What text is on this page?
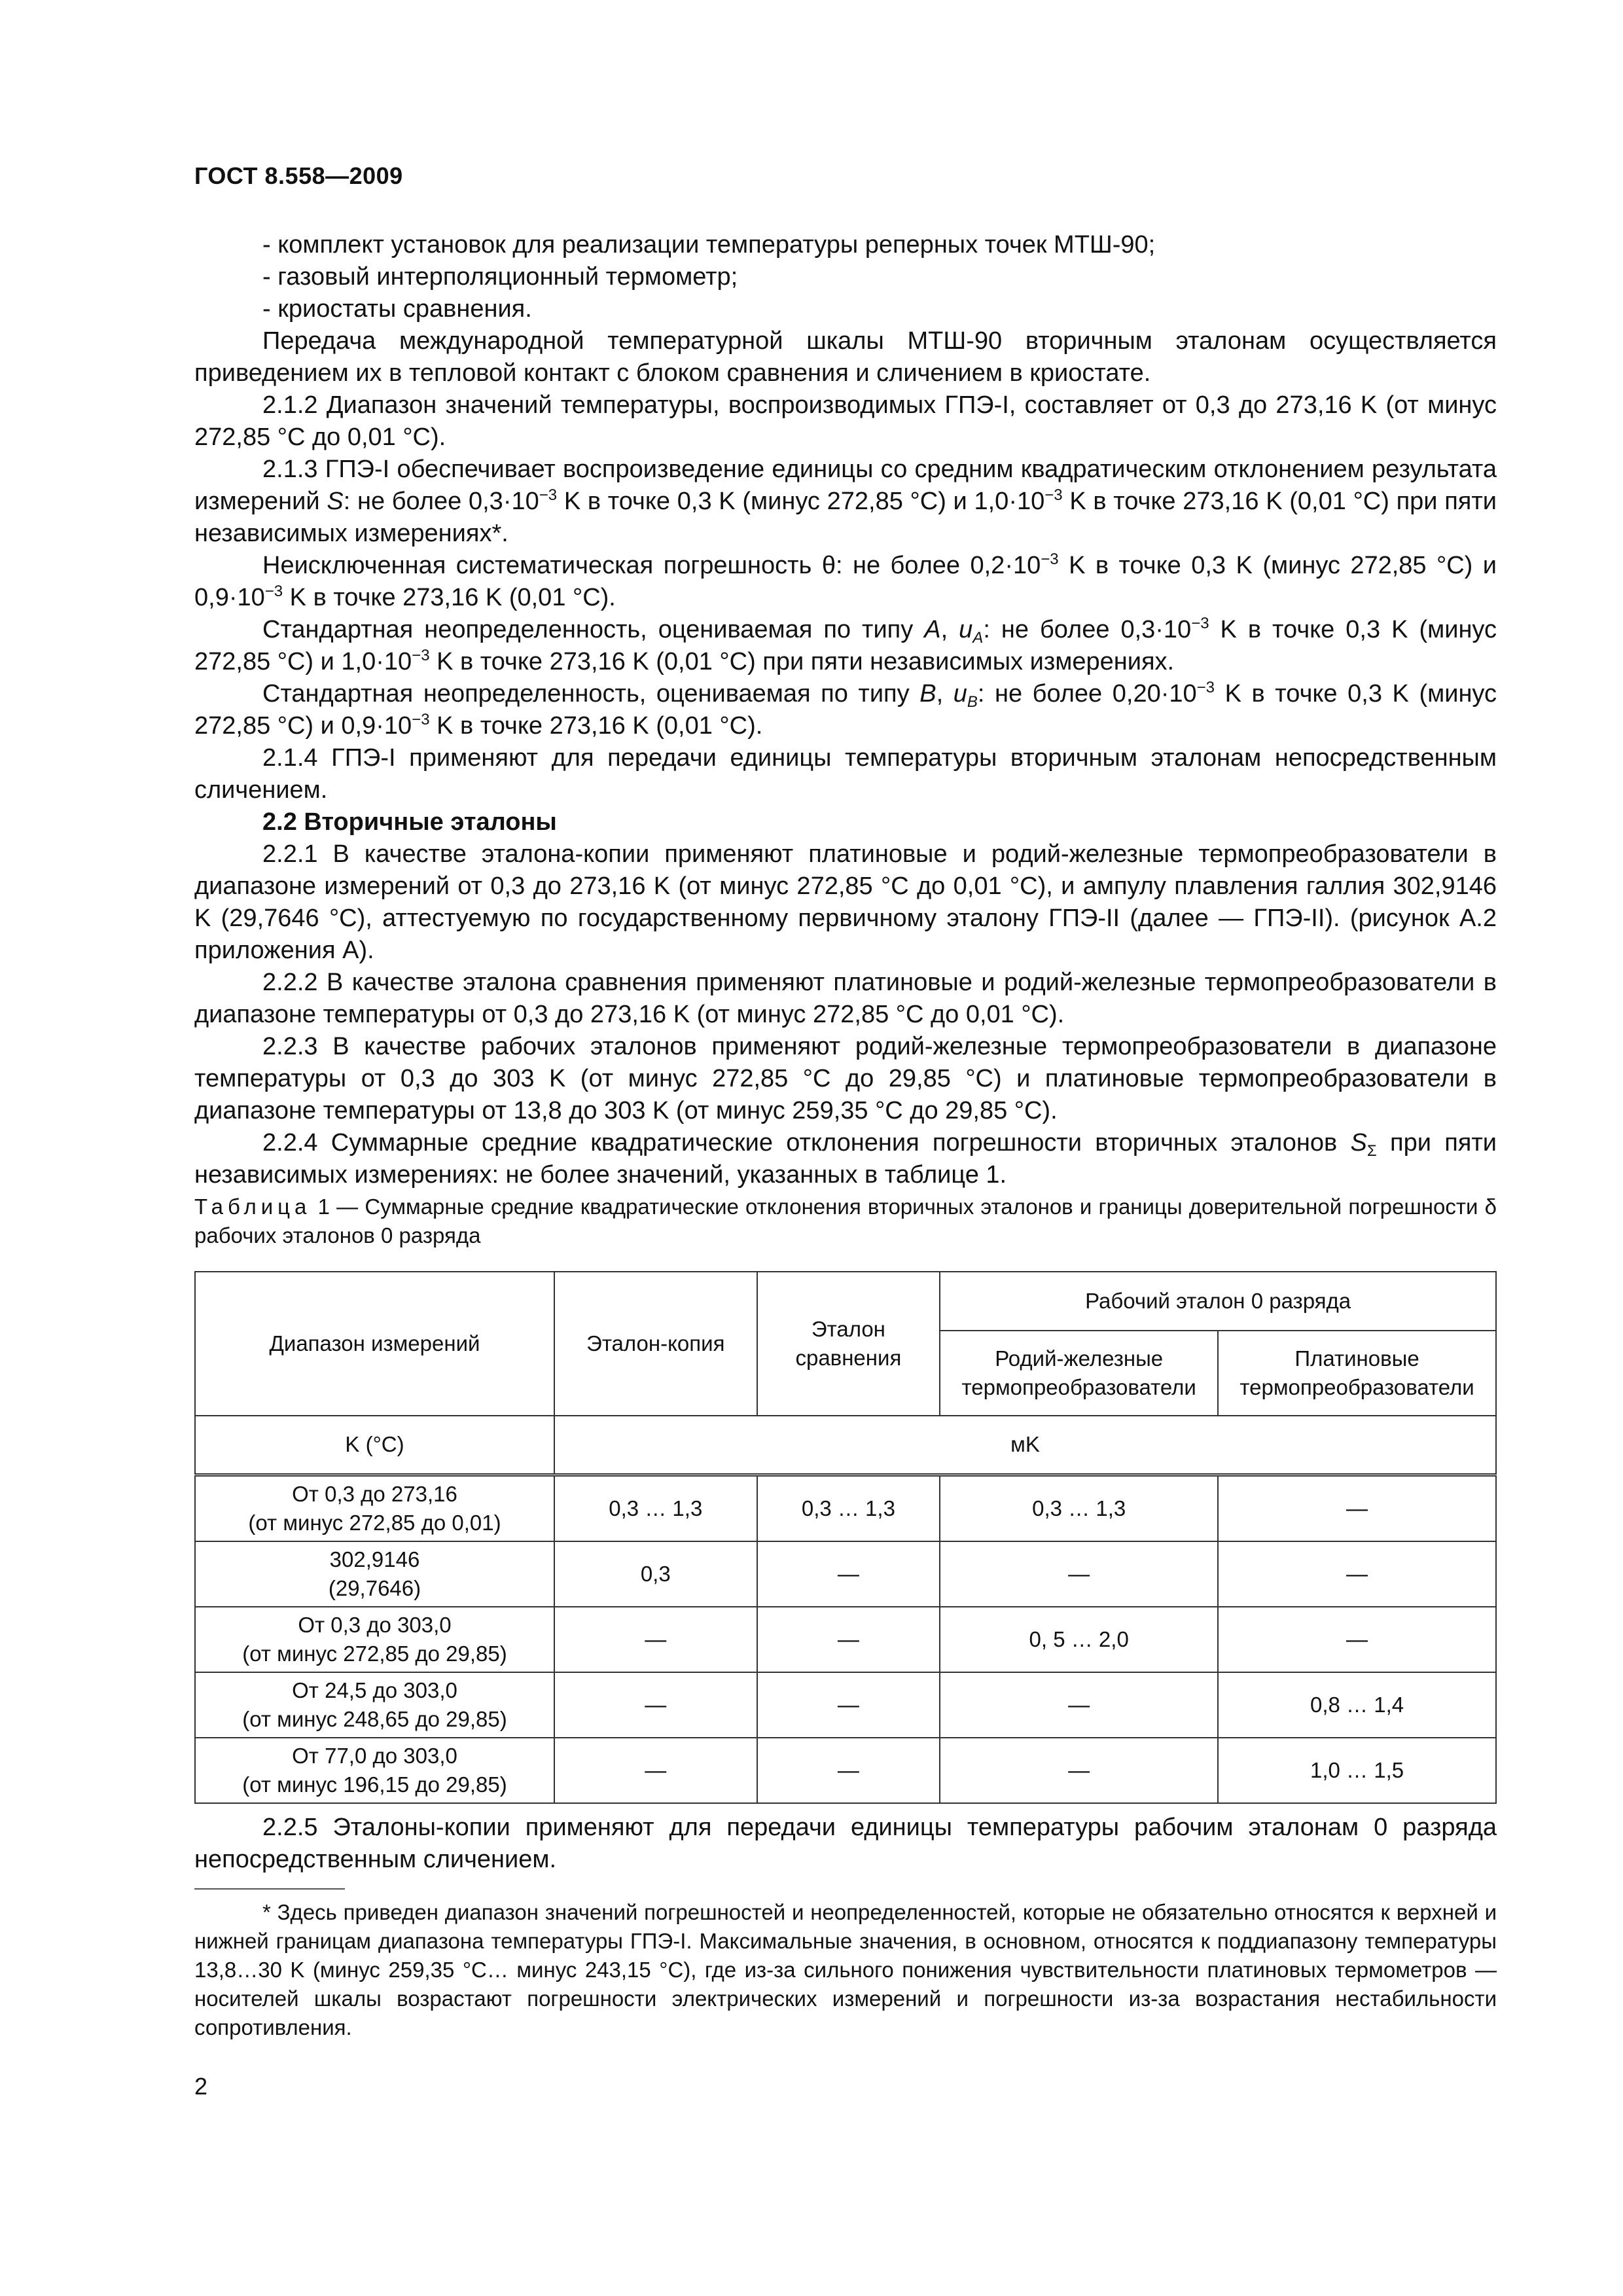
ГОСТ 8.558—2009

- комплект установок для реализации температуры реперных точек МТШ-90;

- газовый интерполяционный термометр;

- криостаты сравнения.

Передача международной температурной шкалы МТШ-90 вторичным эталонам осуществляется приведением их в тепловой контакт с блоком сравнения и сличением в криостате.

2.1.2 Диапазон значений температуры, воспроизводимых ГПЭ-I, составляет от 0,3 до 273,16 K (от минус 272,85 °С до 0,01 °С).

2.1.3 ГПЭ-I обеспечивает воспроизведение единицы со средним квадратическим отклонением результата измерений S: не более $0,3\cdot 10^{-3}$ K в точке 0,3 K (минус 272,85 °С) и $1,0\cdot 10^{-3}$ K в точке 273,16 K (0,01 °С) при пяти независимых измерениях*.

Неисключенная систематическая погрешность θ: не более $0,2\cdot 10^{-3}$ K в точке 0,3 K (минус 272,85 °С) и $0,9\cdot 10^{-3}$ K в точке 273,16 K (0,01 °С).

Стандартная неопределенность, оцениваемая по типу A, $u_A$: не более $0,3\cdot 10^{-3}$ K в точке 0,3 K (минус 272,85 °С) и $1,0\cdot 10^{-3}$ K в точке 273,16 K (0,01 °С) при пяти независимых измерениях.

Стандартная неопределенность, оцениваемая по типу B, $u_B$: не более $0,20\cdot 10^{-3}$ K в точке 0,3 K (минус 272,85 °С) и $0,9\cdot 10^{-3}$ K в точке 273,16 K (0,01 °С).

2.1.4 ГПЭ-I применяют для передачи единицы температуры вторичным эталонам непосредственным сличением.

2.2 Вторичные эталоны

2.2.1 В качестве эталона-копии применяют платиновые и родий-железные термопреобразователи в диапазоне измерений от 0,3 до 273,16 K (от минус 272,85 °С до 0,01 °С), и ампулу плавления галлия 302,9146 K (29,7646 °С), аттестуемую по государственному первичному эталону ГПЭ-II (далее — ГПЭ-II). (рисунок А.2 приложения А).

2.2.2 В качестве эталона сравнения применяют платиновые и родий-железные термопреобразователи в диапазоне температуры от 0,3 до 273,16 K (от минус 272,85 °С до 0,01 °С).

2.2.3 В качестве рабочих эталонов применяют родий-железные термопреобразователи в диапазоне температуры от 0,3 до 303 K (от минус 272,85 °С до 29,85 °С) и платиновые термопреобразователи в диапазоне температуры от 13,8 до 303 K (от минус 259,35 °С до 29,85 °С).

2.2.4 Суммарные средние квадратические отклонения погрешности вторичных эталонов $S_\Sigma$ при пяти независимых измерениях: не более значений, указанных в таблице 1.

Таблица 1 — Суммарные средние квадратические отклонения вторичных эталонов и границы доверительной погрешности δ рабочих эталонов 0 разряда
Диапазон измерений	Эталон-копия	Эталон сравнения	Рабочий эталон 0 разряда	
			Родий-железные термопреобразователи	Платиновые термопреобразователи
K (°С)	мK			
От 0,3 до 273,16
(от минус 272,85 до 0,01)	0,3 … 1,3	0,3 … 1,3	0,3 … 1,3	—
302,9146
(29,7646)	0,3	—	—	—
От 0,3 до 303,0
(от минус 272,85 до 29,85)	—	—	0, 5 … 2,0	—
От 24,5 до 303,0
(от минус 248,65 до 29,85)	—	—	—	0,8 … 1,4
От 77,0 до 303,0
(от минус 196,15 до 29,85)	—	—	—	1,0 … 1,5

2.2.5 Эталоны-копии применяют для передачи единицы температуры рабочим эталонам 0 разряда непосредственным сличением.

* Здесь приведен диапазон значений погрешностей и неопределенностей, которые не обязательно относятся к верхней и нижней границам диапазона температуры ГПЭ-I. Максимальные значения, в основном, относятся к поддиапазону температуры 13,8…30 K (минус 259,35 °С… минус 243,15 °С), где из-за сильного понижения чувствительности платиновых термометров — носителей шкалы возрастают погрешности электрических измерений и погрешности из-за возрастания нестабильности сопротивления.
2
